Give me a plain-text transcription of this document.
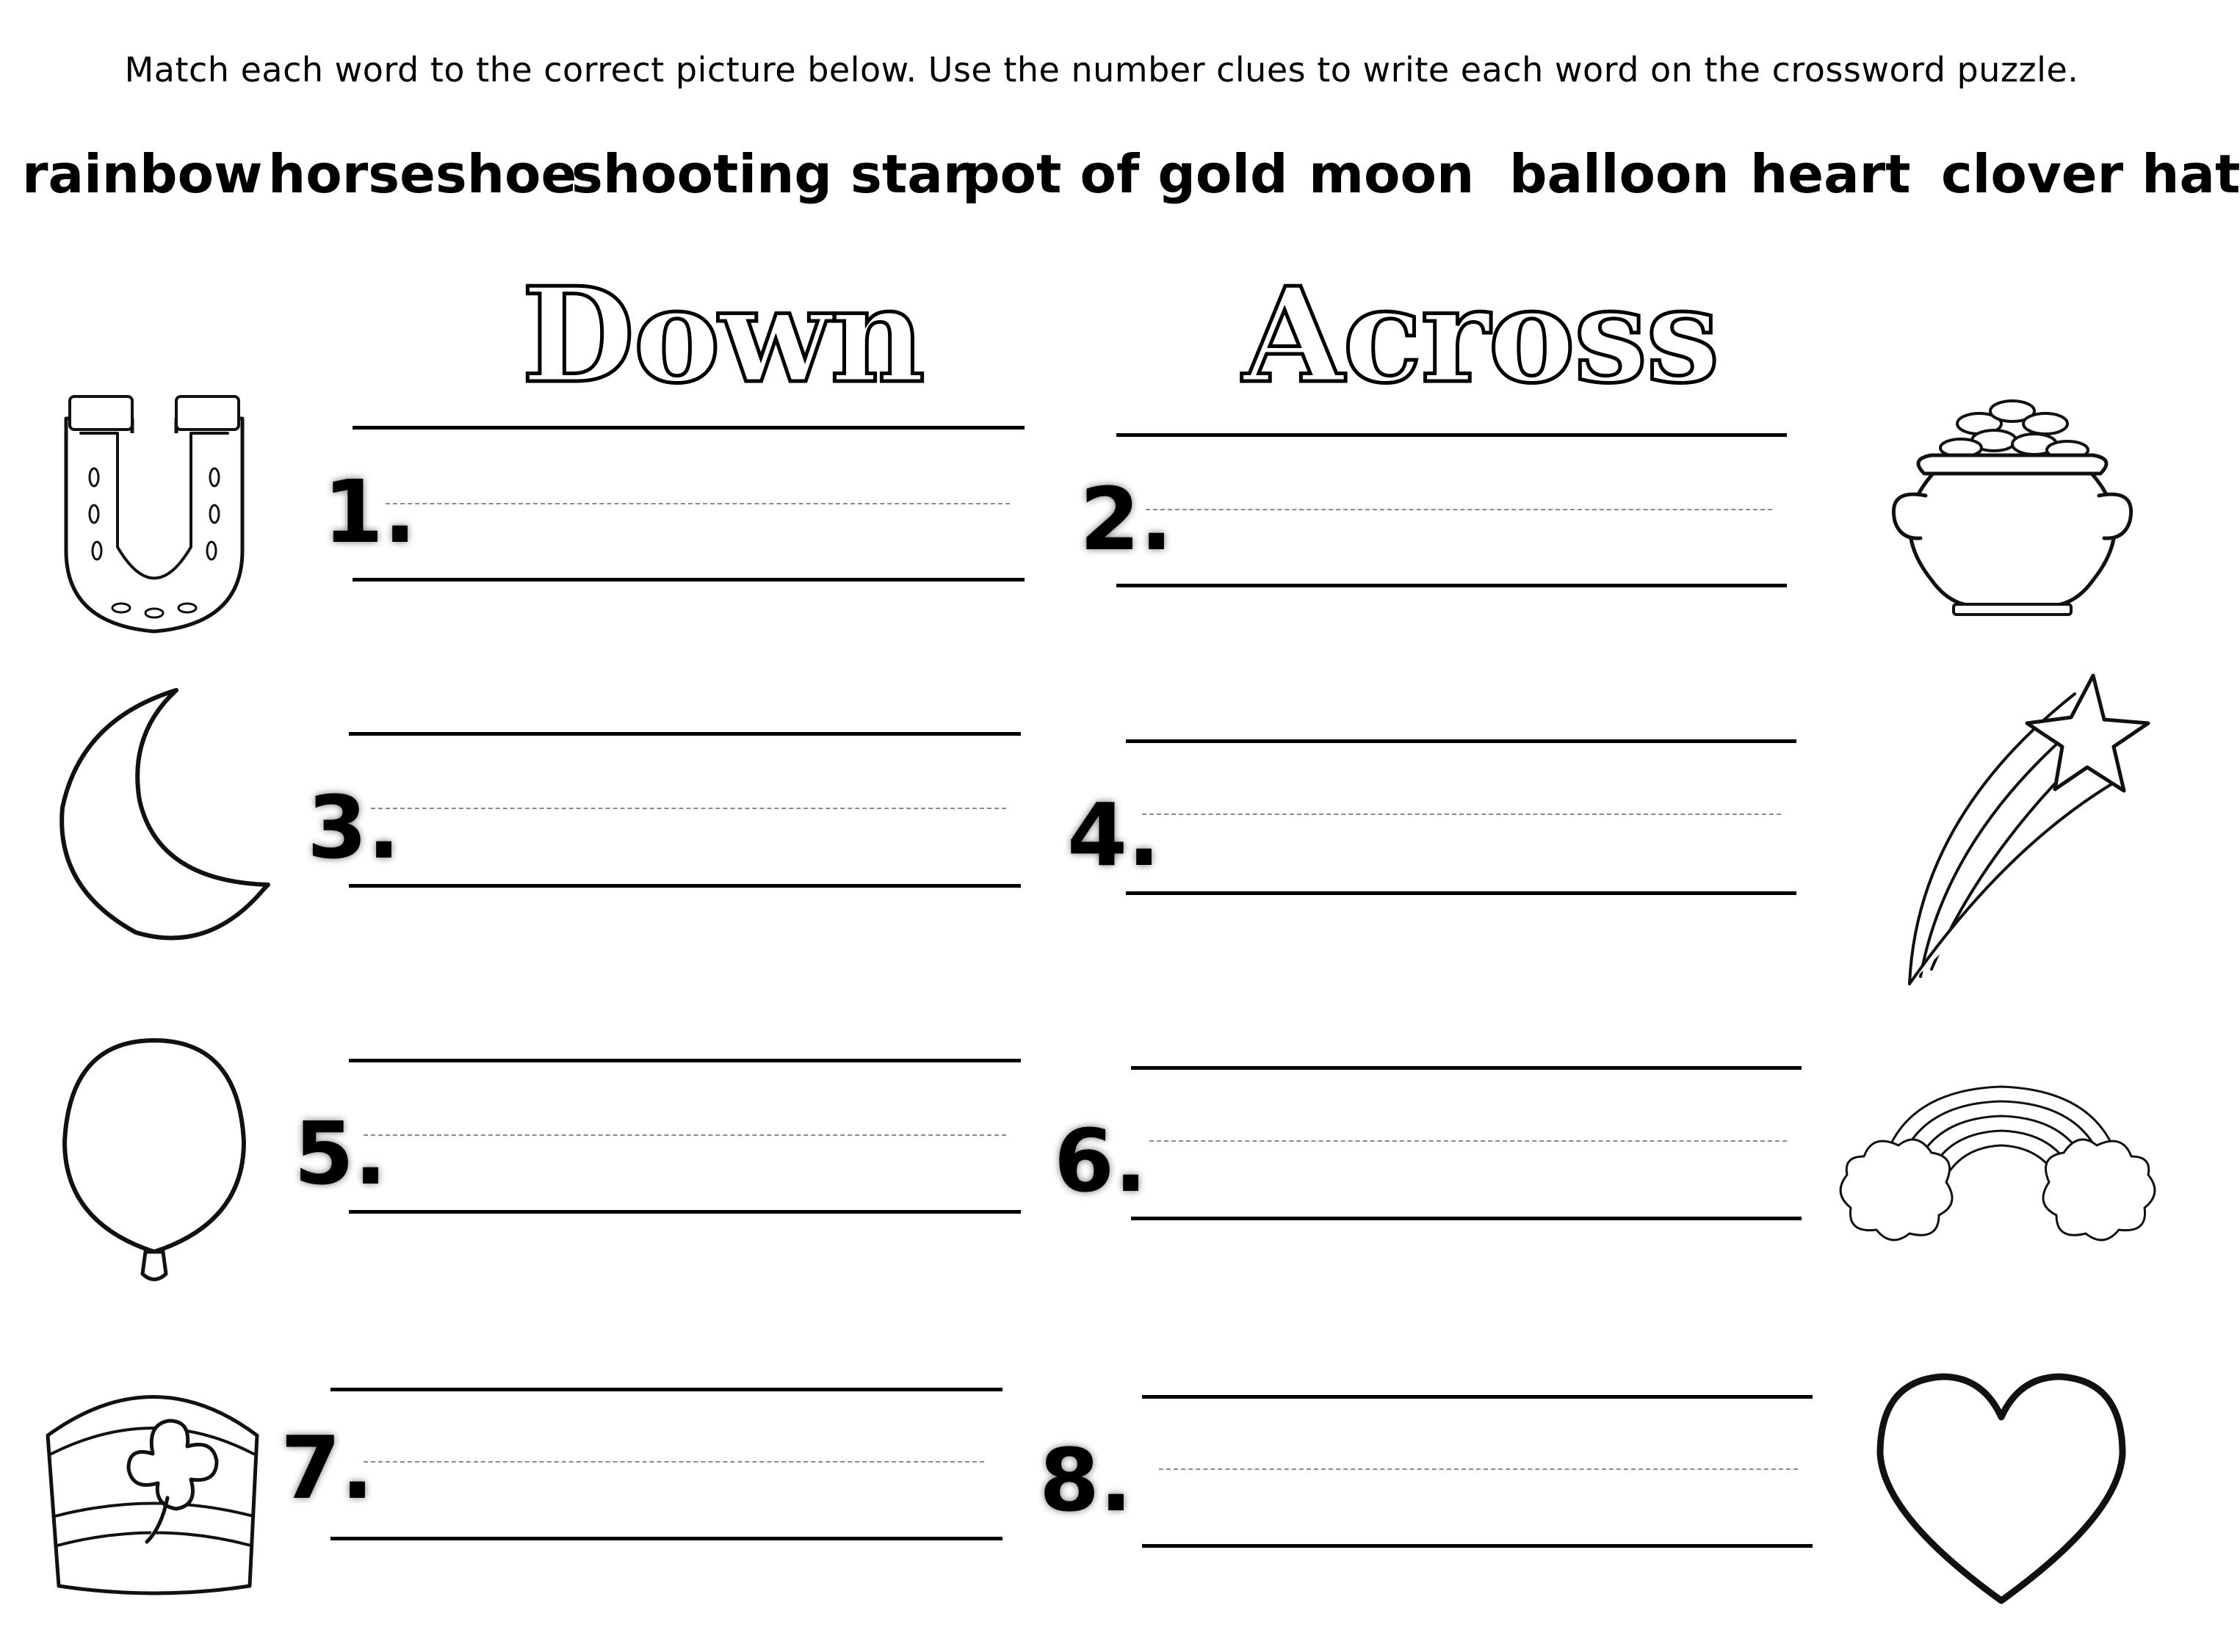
Match each word to the correct picture below. Use the number clues to write each word on the crossword puzzle.
rainbow horseshoe
shooting star
pot of gold moon balloon heart clover hat
Down Across
1.	2.
3.	4.
5.	6.
7.	8.
